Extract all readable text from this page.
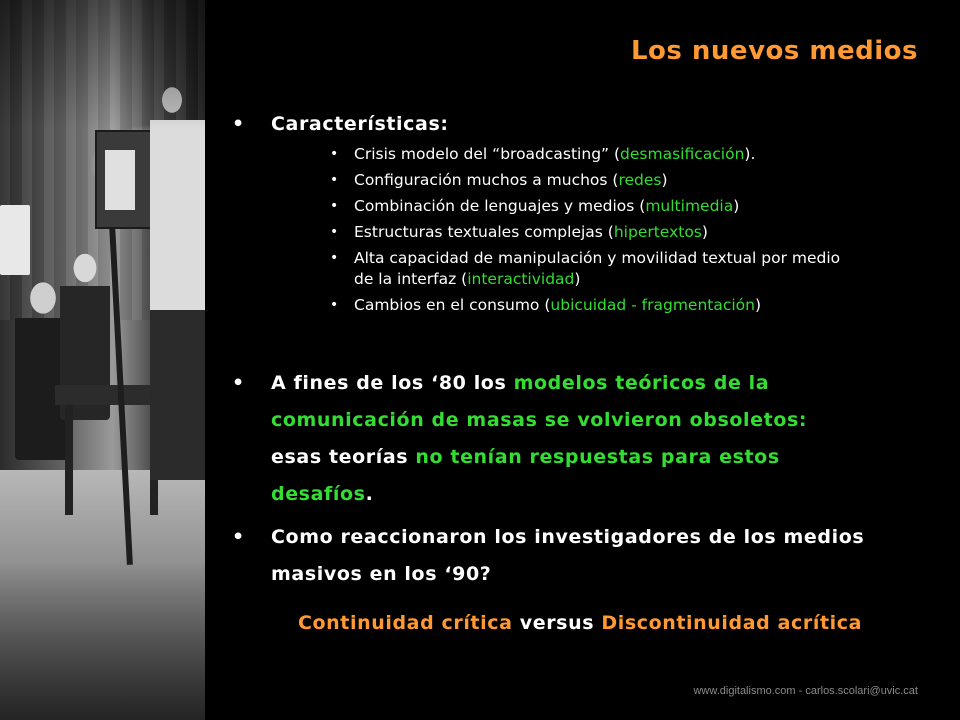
Los nuevos medios
• Características:
• Crisis modelo del “broadcasting” (desmasificación).
• Configuración muchos a muchos (redes)
• Combinación de lenguajes y medios (multimedia)
• Estructuras textuales complejas (hipertextos)
• Alta capacidad de manipulación y movilidad textual por medio de la interfaz (interactividad)
• Cambios en el consumo (ubicuidad - fragmentación)
• A fines de los ‘80 los modelos teóricos de la comunicación de masas se volvieron obsoletos:
esas teorías no tenían respuestas para estos desafíos.
• Como reaccionaron los investigadores de los medios masivos en los ‘90?
Continuidad crítica versus Discontinuidad acrítica
www.digitalismo.com - carlos.scolari@uvic.cat
